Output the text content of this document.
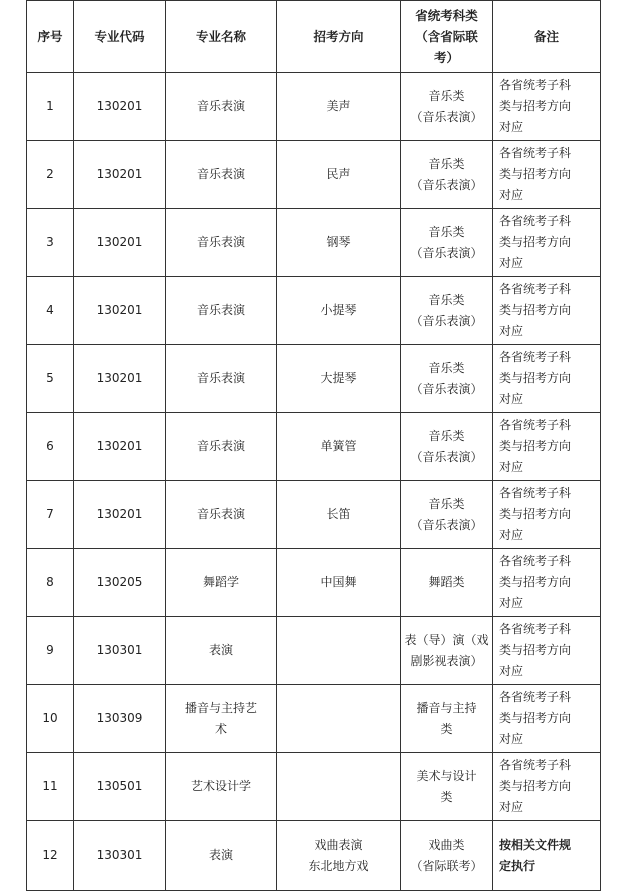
序号	专业代码	专业名称	招考方向	省统考科类
（含省际联
考）	备注
1	130201	音乐表演	美声	音乐类
（音乐表演）	各省统考子科
类与招考方向
对应

2	130201	音乐表演	民声	音乐类
（音乐表演）	各省统考子科
类与招考方向
对应

3	130201	音乐表演	钢琴	音乐类
（音乐表演）	各省统考子科
类与招考方向
对应

4	130201	音乐表演	小提琴	音乐类
（音乐表演）	各省统考子科
类与招考方向
对应

5	130201	音乐表演	大提琴	音乐类
（音乐表演）	各省统考子科
类与招考方向
对应

6	130201	音乐表演	单簧管	音乐类
（音乐表演）	各省统考子科
类与招考方向
对应

7	130201	音乐表演	长笛	音乐类
（音乐表演）	各省统考子科
类与招考方向
对应

8	130205	舞蹈学	中国舞	舞蹈类	各省统考子科
类与招考方向
对应

9	130301	表演		表（导）演（戏
剧影视表演）	各省统考子科
类与招考方向
对应

10	130309	播音与主持艺
术		播音与主持
类	各省统考子科
类与招考方向
对应

11	130501	艺术设计学		美术与设计
类	各省统考子科
类与招考方向
对应

12	130301	表演	戏曲表演
东北地方戏	戏曲类
（省际联考）	按相关文件规
定执行
